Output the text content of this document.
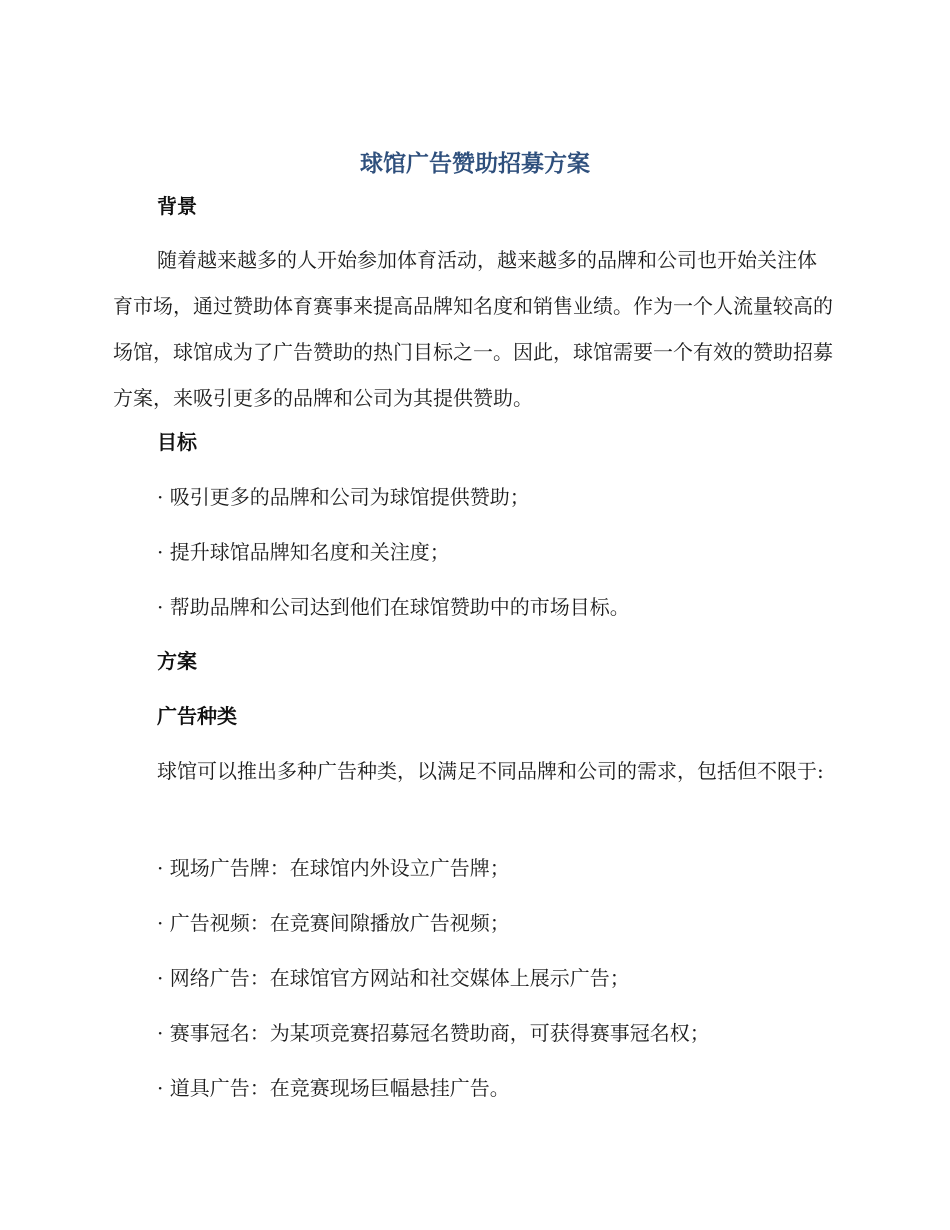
球馆广告赞助招募方案
背景
随着越来越多的人开始参加体育活动，越来越多的品牌和公司也开始关注体育市场，通过赞助体育赛事来提高品牌知名度和销售业绩。作为一个人流量较高的场馆，球馆成为了广告赞助的热门目标之一。因此，球馆需要一个有效的赞助招募方案，来吸引更多的品牌和公司为其提供赞助。
目标
· 吸引更多的品牌和公司为球馆提供赞助；
· 提升球馆品牌知名度和关注度；
· 帮助品牌和公司达到他们在球馆赞助中的市场目标。
方案
广告种类
球馆可以推出多种广告种类，以满足不同品牌和公司的需求，包括但不限于:
· 现场广告牌：在球馆内外设立广告牌；
· 广告视频：在竞赛间隙播放广告视频；
· 网络广告：在球馆官方网站和社交媒体上展示广告；
· 赛事冠名：为某项竞赛招募冠名赞助商，可获得赛事冠名权；
· 道具广告：在竞赛现场巨幅悬挂广告。
